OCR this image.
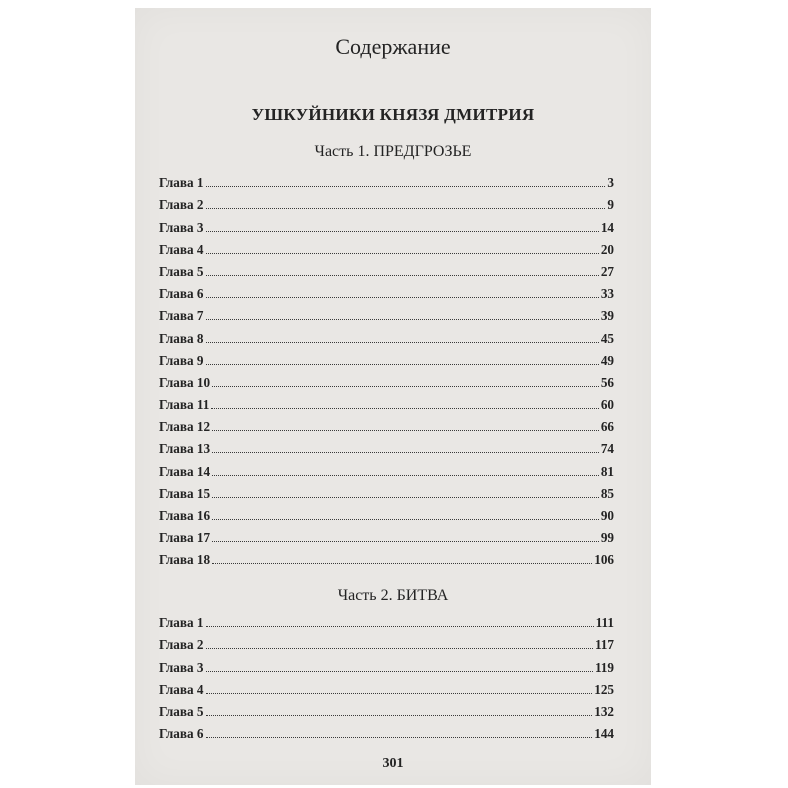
Содержание
УШКУЙНИКИ КНЯЗЯ ДМИТРИЯ
Часть 1. ПРЕДГРОЗЬЕ
Глава 1	3
Глава 2	9
Глава 3	14
Глава 4	20
Глава 5	27
Глава 6	33
Глава 7	39
Глава 8	45
Глава 9	49
Глава 10	56
Глава 11	60
Глава 12	66
Глава 13	74
Глава 14	81
Глава 15	85
Глава 16	90
Глава 17	99
Глава 18	106
Часть 2. БИТВА
Глава 1	111
Глава 2	117
Глава 3	119
Глава 4	125
Глава 5	132
Глава 6	144
301
